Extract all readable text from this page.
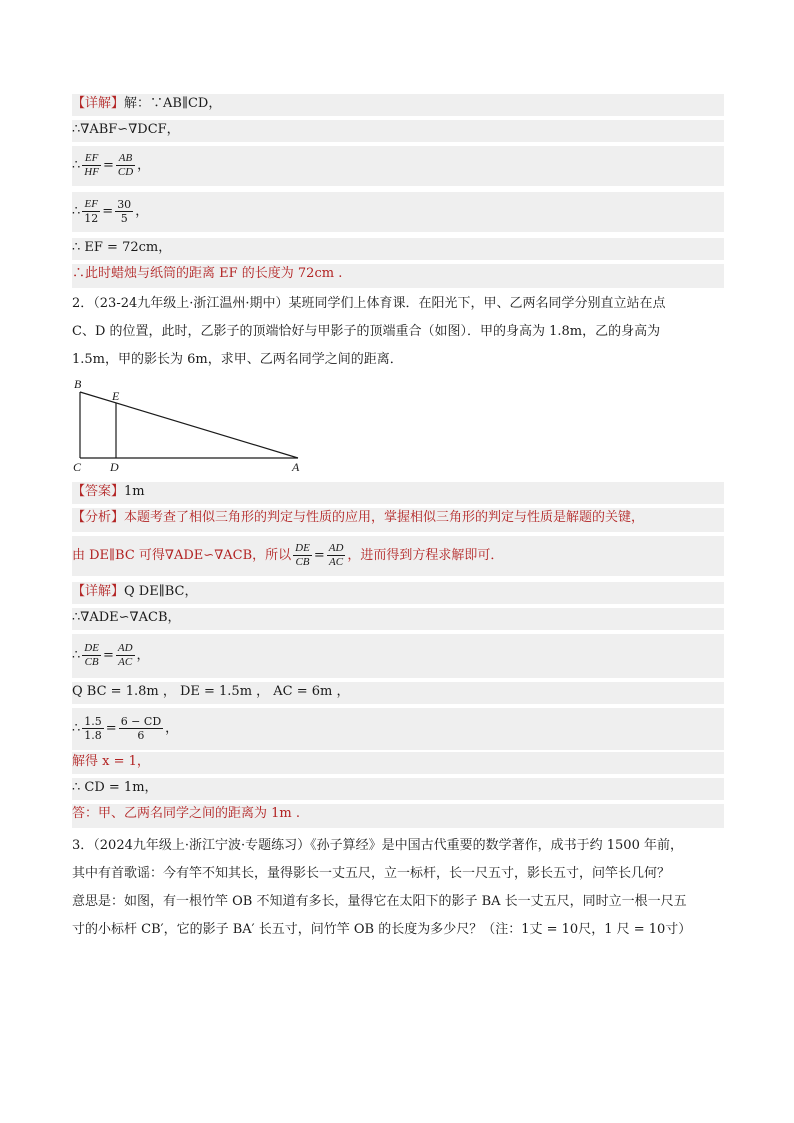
【详解】解：∵AB∥CD，
∴∇ABF∽∇DCF，
∴ $\frac{EF}{HF} = \frac{AB}{CD}$ ，
∴ $\frac{EF}{12} = \frac{30}{5}$ ，
∴ EF = 72cm，
∴此时蜡烛与纸筒的距离 EF 的长度为 72cm .
2．（23-24九年级上·浙江温州·期中）某班同学们上体育课．在阳光下，甲、乙两名同学分别直立站在点
C、D 的位置，此时，乙影子的顶端恰好与甲影子的顶端重合（如图）．甲的身高为 1.8m，乙的身高为
1.5m，甲的影长为 6m，求甲、乙两名同学之间的距离．
B
E
C D	A
【答案】1m
【分析】本题考查了相似三角形的判定与性质的应用，掌握相似三角形的判定与性质是解题的关键，
由 DE∥BC 可得∇ADE∽∇ACB，所以 $\frac{DE}{CB} = \frac{AD}{AC}$ ，进而得到方程求解即可．
【详解】Q DE∥BC，
∴∇ADE∽∇ACB，
∴ $\frac{DE}{CB} = \frac{AD}{AC}$ ，
Q BC = 1.8m ， DE = 1.5m ， AC = 6m ，
∴ $\frac{1.5}{1.8} = \frac{6 - CD}{6}$ ，
解得 x = 1，
∴ CD = 1m，
答：甲、乙两名同学之间的距离为 1m .
3．（2024九年级上·浙江宁波·专题练习）《孙子算经》是中国古代重要的数学著作，成书于约 1500 年前，
其中有首歌谣：今有竿不知其长，量得影长一丈五尺，立一标杆，长一尺五寸，影长五寸，问竿长几何？
意思是：如图，有一根竹竿 OB 不知道有多长，量得它在太阳下的影子 BA 长一丈五尺，同时立一根一尺五
寸的小标杆 CB′，它的影子 BA′ 长五寸，问竹竿 OB 的长度为多少尺？（注：1丈 = 10尺，1 尺 = 10寸）
